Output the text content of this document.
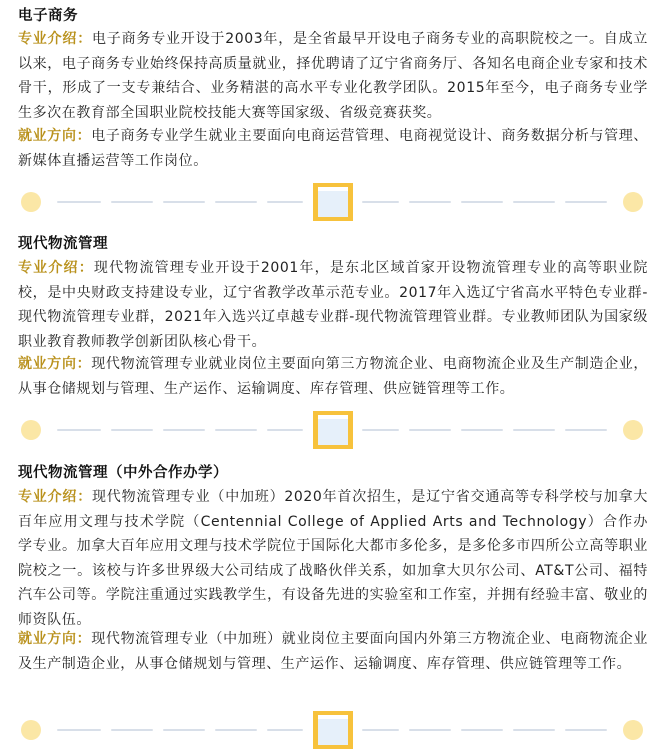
电子商务

专业介绍：电子商务专业开设于2003年，是全省最早开设电子商务专业的高职院校之一。自成立以来，电子商务专业始终保持高质量就业，择优聘请了辽宁省商务厅、各知名电商企业专家和技术骨干，形成了一支专兼结合、业务精湛的高水平专业化教学团队。2015年至今，电子商务专业学生多次在教育部全国职业院校技能大赛等国家级、省级竞赛获奖。

就业方向：电子商务专业学生就业主要面向电商运营管理、电商视觉设计、商务数据分析与管理、新媒体直播运营等工作岗位。

现代物流管理

专业介绍：现代物流管理专业开设于2001年，是东北区域首家开设物流管理专业的高等职业院校，是中央财政支持建设专业，辽宁省教学改革示范专业。2017年入选辽宁省高水平特色专业群-现代物流管理专业群，2021年入选兴辽卓越专业群-现代物流管理管业群。专业教师团队为国家级职业教育教师教学创新团队核心骨干。

就业方向：现代物流管理专业就业岗位主要面向第三方物流企业、电商物流企业及生产制造企业，从事仓储规划与管理、生产运作、运输调度、库存管理、供应链管理等工作。

现代物流管理（中外合作办学）

专业介绍：现代物流管理专业（中加班）2020年首次招生，是辽宁省交通高等专科学校与加拿大百年应用文理与技术学院（Centennial College of Applied Arts and Technology）合作办学专业。加拿大百年应用文理与技术学院位于国际化大都市多伦多，是多伦多市四所公立高等职业院校之一。该校与许多世界级大公司结成了战略伙伴关系，如加拿大贝尔公司、AT&T公司、福特汽车公司等。学院注重通过实践教学生，有设备先进的实验室和工作室，并拥有经验丰富、敬业的师资队伍。

就业方向：现代物流管理专业（中加班）就业岗位主要面向国内外第三方物流企业、电商物流企业及生产制造企业，从事仓储规划与管理、生产运作、运输调度、库存管理、供应链管理等工作。
